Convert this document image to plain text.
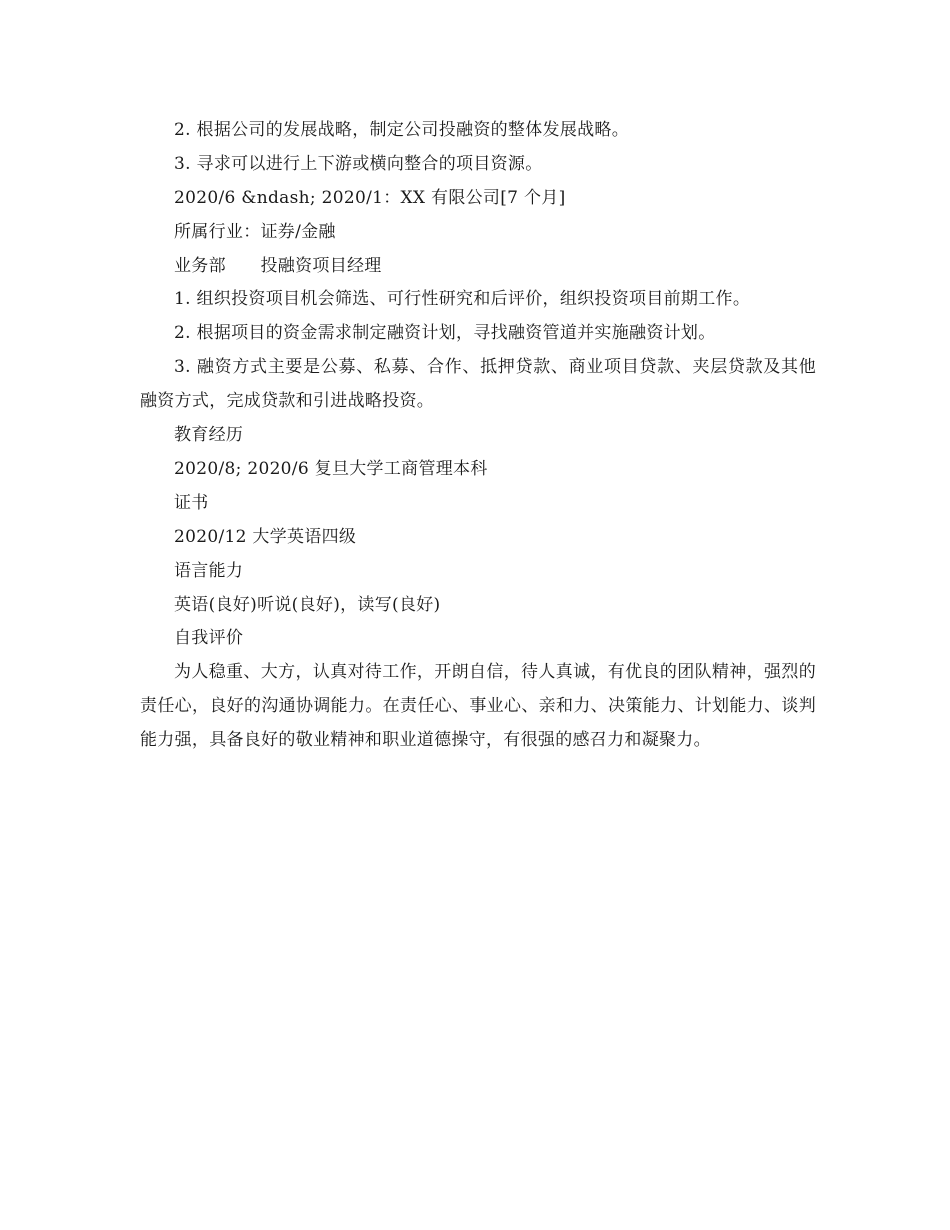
2. 根据公司的发展战略，制定公司投融资的整体发展战略。
3. 寻求可以进行上下游或横向整合的项目资源。
2020/6 &ndash; 2020/1：XX 有限公司[7 个月]
所属行业：证券/金融
业务部　　投融资项目经理
1. 组织投资项目机会筛选、可行性研究和后评价，组织投资项目前期工作。
2. 根据项目的资金需求制定融资计划，寻找融资管道并实施融资计划。

3. 融资方式主要是公募、私募、合作、抵押贷款、商业项目贷款、夹层贷款及其他融资方式，完成贷款和引进战略投资。

教育经历
2020/8; 2020/6 复旦大学工商管理本科
证书
2020/12 大学英语四级
语言能力
英语(良好)听说(良好)，读写(良好)
自我评价

为人稳重、大方，认真对待工作，开朗自信，待人真诚，有优良的团队精神，强烈的责任心，良好的沟通协调能力。在责任心、事业心、亲和力、决策能力、计划能力、谈判能力强，具备良好的敬业精神和职业道德操守，有很强的感召力和凝聚力。
